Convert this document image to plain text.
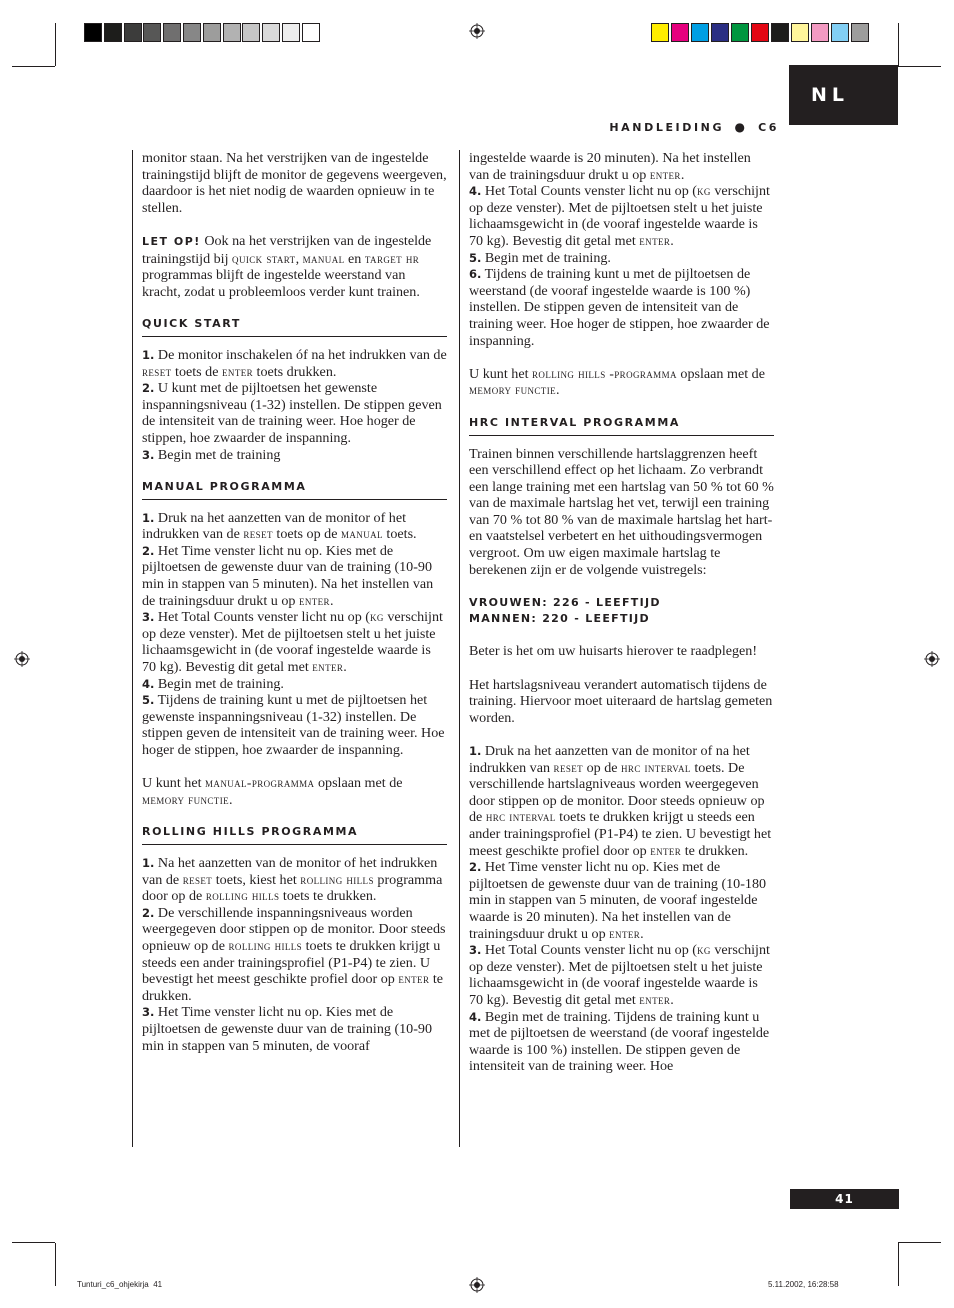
NL
HANDLEIDING ● C6

monitor staan. Na het verstrijken van de ingestelde trainingstijd blijft de monitor de gegevens weergeven, daardoor is het niet nodig de waarden opnieuw in te stellen.

LET OP! Ook na het verstrijken van de ingestelde trainingstijd bij quick start, manual en target hr programmas blijft de ingestelde weerstand van kracht, zodat u probleemloos verder kunt trainen.

QUICK START
1. De monitor inschakelen óf na het indrukken van de reset toets de enter toets drukken.
2. U kunt met de pijltoetsen het gewenste inspanningsniveau (1-32) instellen. De stippen geven de intensiteit van de training weer. Hoe hoger de stippen, hoe zwaarder de inspanning.

3. Begin met de training

MANUAL PROGRAMMA
1. Druk na het aanzetten van de monitor of het indrukken van de reset toets op de manual toets.
2. Het Time venster licht nu op. Kies met de pijltoetsen de gewenste duur van de training (10-90 min in stappen van 5 minuten). Na het instellen van de trainingsduur drukt u op enter.
3. Het Total Counts venster licht nu op (kg verschijnt op deze venster). Met de pijltoetsen stelt u het juiste lichaamsgewicht in (de vooraf ingestelde waarde is 70 kg). Bevestig dit getal met enter.
4. Begin met de training.

5. Tijdens de training kunt u met de pijltoetsen het gewenste inspanningsniveau (1-32) instellen. De stippen geven de intensiteit van de training weer. Hoe hoger de stippen, hoe zwaarder de inspanning.

U kunt het manual-programma opslaan met de memory functie.

ROLLING HILLS PROGRAMMA
1. Na het aanzetten van de monitor of het indrukken van de reset toets, kiest het rolling hills programma door op de rolling hills toets te drukken.
2. De verschillende inspanningsniveaus worden weergegeven door stippen op de monitor. Door steeds opnieuw op de rolling hills toets te drukken krijgt u steeds een ander trainingsprofiel (P1-P4) te zien. U bevestigt het meest geschikte profiel door op enter te drukken.
3. Het Time venster licht nu op. Kies met de pijltoetsen de gewenste duur van de training (10-90 min in stappen van 5 minuten, de vooraf
ingestelde waarde is 20 minuten). Na het instellen van de trainingsduur drukt u op enter.
4. Het Total Counts venster licht nu op (kg verschijnt op deze venster). Met de pijltoetsen stelt u het juiste lichaamsgewicht in (de vooraf ingestelde waarde is 70 kg). Bevestig dit getal met enter.
5. Begin met de training.

6. Tijdens de training kunt u met de pijltoetsen de weerstand (de vooraf ingestelde waarde is 100 %) instellen. De stippen geven de intensiteit van de training weer. Hoe hoger de stippen, hoe zwaarder de inspanning.

U kunt het rolling hills -programma opslaan met de memory functie.

HRC INTERVAL PROGRAMMA

Trainen binnen verschillende hartslaggrenzen heeft een verschillend effect op het lichaam. Zo verbrandt een lange training met een hartslag van 50 % tot 60 % van de maximale hartslag het vet, terwijl een training van 70 % tot 80 % van de maximale hartslag het hart- en vaatstelsel verbetert en het uithoudingsvermogen vergroot. Om uw eigen maximale hartslag te berekenen zijn er de volgende vuistregels:

VROUWEN: 226 - LEEFTIJD
MANNEN: 220 - LEEFTIJD

Beter is het om uw huisarts hierover te raadplegen!

Het hartslagsniveau verandert automatisch tijdens de training. Hiervoor moet uiteraard de hartslag gemeten worden.

1. Druk na het aanzetten van de monitor of na het indrukken van reset op de hrc interval toets. De verschillende hartslagniveaus worden weergegeven door stippen op de monitor. Door steeds opnieuw op de hrc interval toets te drukken krijgt u steeds een ander trainingsprofiel (P1-P4) te zien. U bevestigt het meest geschikte profiel door op enter te drukken.
2. Het Time venster licht nu op. Kies met de pijltoetsen de gewenste duur van de training (10-180 min in stappen van 5 minuten, de vooraf ingestelde waarde is 20 minuten). Na het instellen van de trainingsduur drukt u op enter.
3. Het Total Counts venster licht nu op (kg verschijnt op deze venster). Met de pijltoetsen stelt u het juiste lichaamsgewicht in (de vooraf ingestelde waarde is 70 kg). Bevestig dit getal met enter.
4. Begin met de training. Tijdens de training kunt u met de pijltoetsen de weerstand (de vooraf ingestelde waarde is 100 %) instellen. De stippen geven de intensiteit van de training weer. Hoe
41
Tunturi_c6_ohjekirja 41	5.11.2002, 16:28:58
